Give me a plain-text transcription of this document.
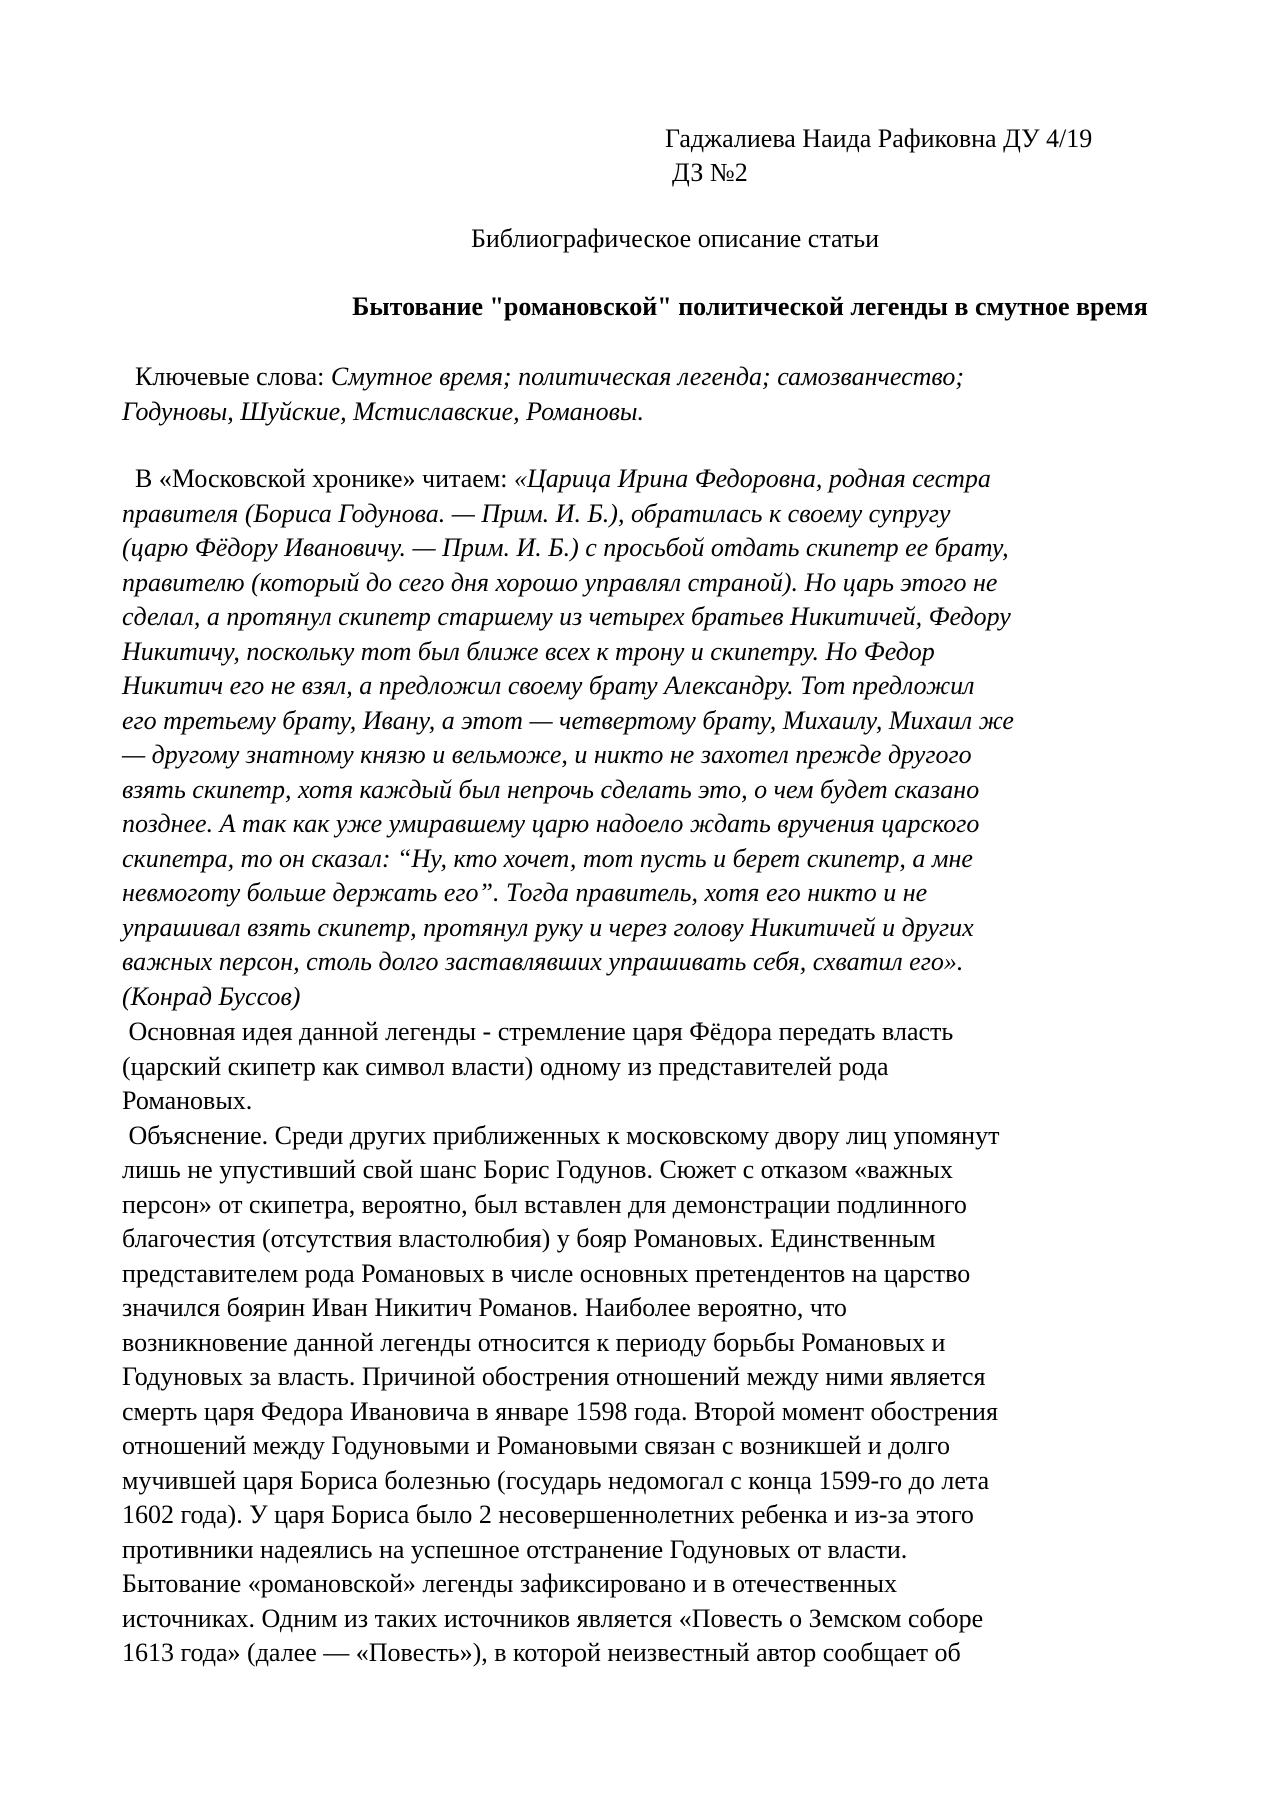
Гаджалиева Наида Рафиковна ДУ 4/19
ДЗ №2
Библиографическое описание статьи
Бытование "романовской" политической легенды в смутное время
Ключевые слова: Смутное время; политическая легенда; самозванчество;
Годуновы, Шуйские, Мстиславские, Романовы.
В «Московской хронике» читаем: «Царица Ирина Федоровна, родная сестра
правителя (Бориса Годунова. — Прим. И. Б.), обратилась к своему супругу
(царю Фёдору Ивановичу. — Прим. И. Б.) с просьбой отдать скипетр ее брату,
правителю (который до сего дня хорошо управлял страной). Но царь этого не
сделал, а протянул скипетр старшему из четырех братьев Никитичей, Федору
Никитичу, поскольку тот был ближе всех к трону и скипетру. Но Федор
Никитич его не взял, а предложил своему брату Александру. Тот предложил
его третьему брату, Ивану, а этот — четвертому брату, Михаилу, Михаил же
— другому знатному князю и вельможе, и никто не захотел прежде другого
взять скипетр, хотя каждый был непрочь сделать это, о чем будет сказано
позднее. А так как уже умиравшему царю надоело ждать вручения царского
скипетра, то он сказал: “Ну, кто хочет, тот пусть и берет скипетр, а мне
невмоготу больше держать его”. Тогда правитель, хотя его никто и не
упрашивал взять скипетр, протянул руку и через голову Никитичей и других
важных персон, столь долго заставлявших упрашивать себя, схватил его».
(Конрад Буссов)
Основная идея данной легенды - стремление царя Фёдора передать власть
(царский скипетр как символ власти) одному из представителей рода
Романовых.
Объяснение. Среди других приближенных к московскому двору лиц упомянут
лишь не упустивший свой шанс Борис Годунов. Сюжет с отказом «важных
персон» от скипетра, вероятно, был вставлен для демонстрации подлинного
благочестия (отсутствия властолюбия) у бояр Романовых. Единственным
представителем рода Романовых в числе основных претендентов на царство
значился боярин Иван Никитич Романов. Наиболее вероятно, что
возникновение данной легенды относится к периоду борьбы Романовых и
Годуновых за власть. Причиной обострения отношений между ними является
смерть царя Федора Ивановича в январе 1598 года. Второй момент обострения
отношений между Годуновыми и Романовыми связан с возникшей и долго
мучившей царя Бориса болезнью (государь недомогал с конца 1599-го до лета
1602 года). У царя Бориса было 2 несовершеннолетних ребенка и из-за этого
противники надеялись на успешное отстранение Годуновых от власти.
Бытование «романовской» легенды зафиксировано и в отечественных
источниках. Одним из таких источников является «Повесть о Земском соборе
1613 года» (далее — «Повесть»), в которой неизвестный автор сообщает об
